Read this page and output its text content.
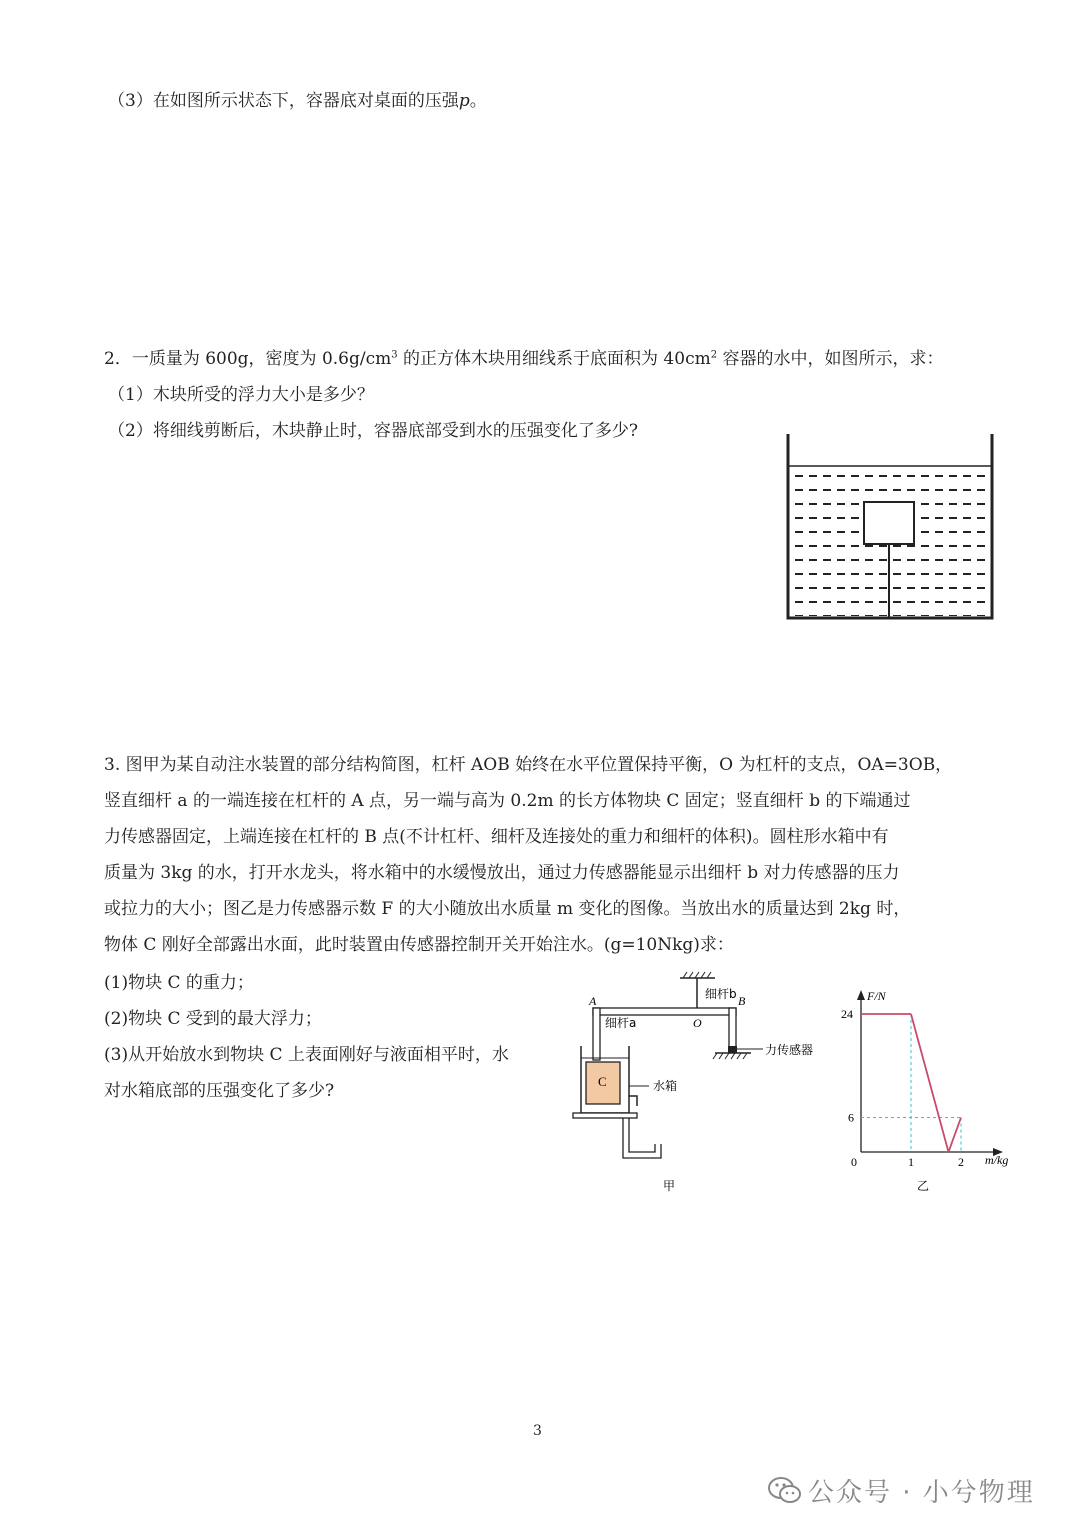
（3）在如图所示状态下，容器底对桌面的压强p。
2．一质量为 600g，密度为 $0.6g/cm^3$ 的正方体木块用细线系于底面积为 $40cm^2$ 容器的水中，如图所示，求：
（1）木块所受的浮力大小是多少？
（2）将细线剪断后，木块静止时，容器底部受到水的压强变化了多少?
3. 图甲为某自动注水装置的部分结构简图，杠杆 AOB 始终在水平位置保持平衡，O 为杠杆的支点，OA=3OB，
竖直细杆 a 的一端连接在杠杆的 A 点，另一端与高为 0.2m 的长方体物块 C 固定；竖直细杆 b 的下端通过
力传感器固定，上端连接在杠杆的 B 点(不计杠杆、细杆及连接处的重力和细杆的体积)。圆柱形水箱中有
质量为 3kg 的水，打开水龙头，将水箱中的水缓慢放出，通过力传感器能显示出细杆 b 对力传感器的压力
或拉力的大小；图乙是力传感器示数 F 的大小随放出水质量 m 变化的图像。当放出水的质量达到 2kg 时，
物体 C 刚好全部露出水面，此时装置由传感器控制开关开始注水。(g=10Nkg)求：
(1)物块 C 的重力；
(2)物块 C 受到的最大浮力；
(3)从开始放水到物块 C 上表面刚好与液面相平时，水
对水箱底部的压强变化了多少?
A
O
B
细杆a
细杆b
C	水箱
力传感器
甲
F/N
m/kg
乙
0	1	2
24
6
3
公众号 · 小兮物理
